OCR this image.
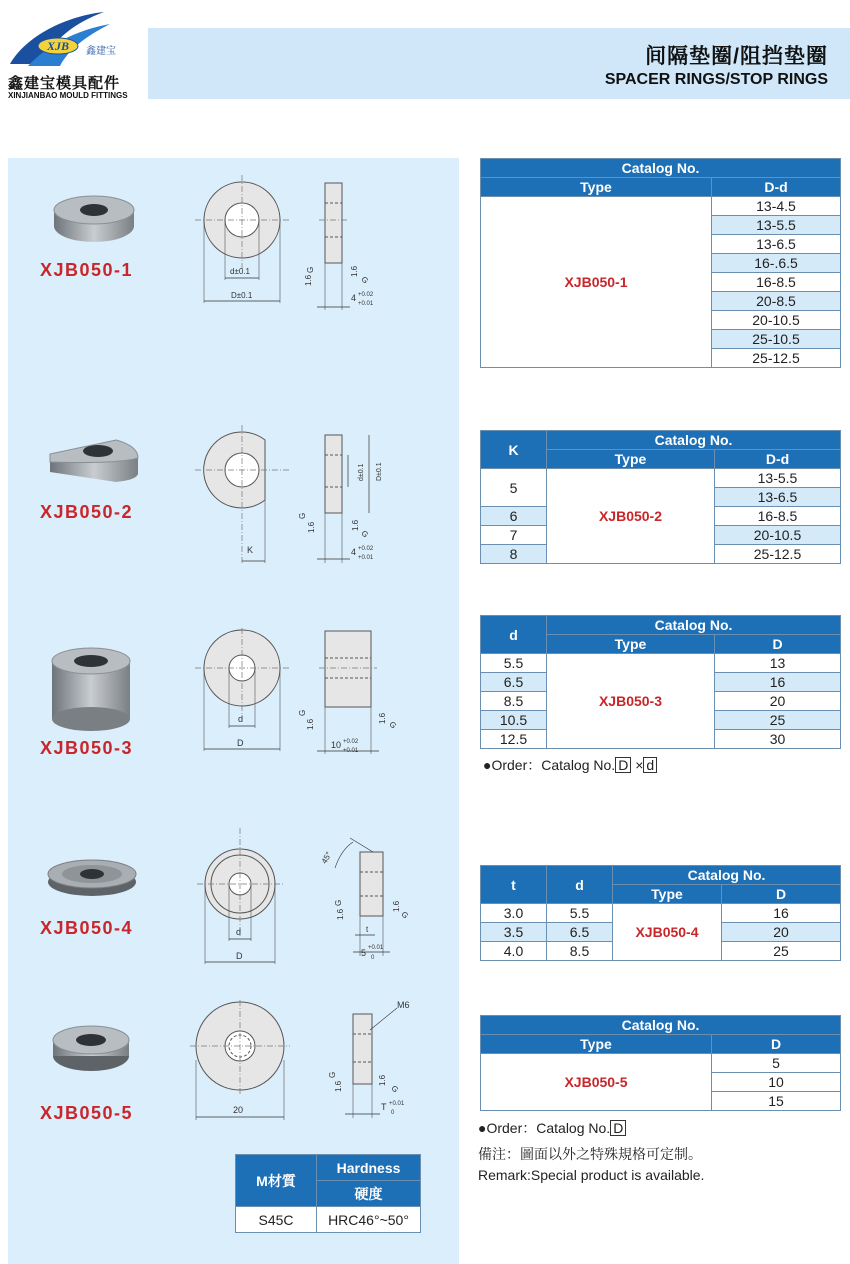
XJB 鑫建宝
鑫建宝模具配件
XINJIANBAO MOULD FITTINGS
间隔垫圈/阻挡垫圈
SPACER RINGS/STOP RINGS
XJB050-1	d±0.1
D±0.1
G
1.6
1.6
G
4 +0.02
+0.01
XJB050-2
K
d±0.1 D±0.1
G
1.6	1.6
G
4 +0.02
+0.01
XJB050-3
d
D
G
1.6
1.6
G
10 +0.02
+0.01
XJB050-4	d
D
45°
G
1.6
1.6
G
t
5 +0.01
0
XJB050-5	20
M6
G
1.6
1.6
G
T +0.01
0
M材質	Hardness
	硬度
S45C	HRC46°~50°
Catalog No.	
Type	D-d
XJB050-1	13-4.5
	13-5.5
	13-6.5
	16-.6.5
	16-8.5
	20-8.5
	20-10.5
	25-10.5
	25-12.5
K	Catalog No.	
	Type	D-d
5	XJB050-2	13-5.5
		13-6.5
6		16-8.5
7		20-10.5
8		25-12.5
d	Catalog No.	
	Type	D
5.5	XJB050-3	13
6.5		16
8.5		20
10.5		25
12.5		30
●Order：Catalog No. D × d
t	d	Catalog No.	
		Type	D
3.0	5.5	XJB050-4	16
3.5	6.5		20
4.0	8.5		25
Catalog No.	
Type	D
XJB050-5	5
	10
	15
●Order：Catalog No. D
備注：圖面以外之特殊規格可定制。
Remark:Special product is available.
